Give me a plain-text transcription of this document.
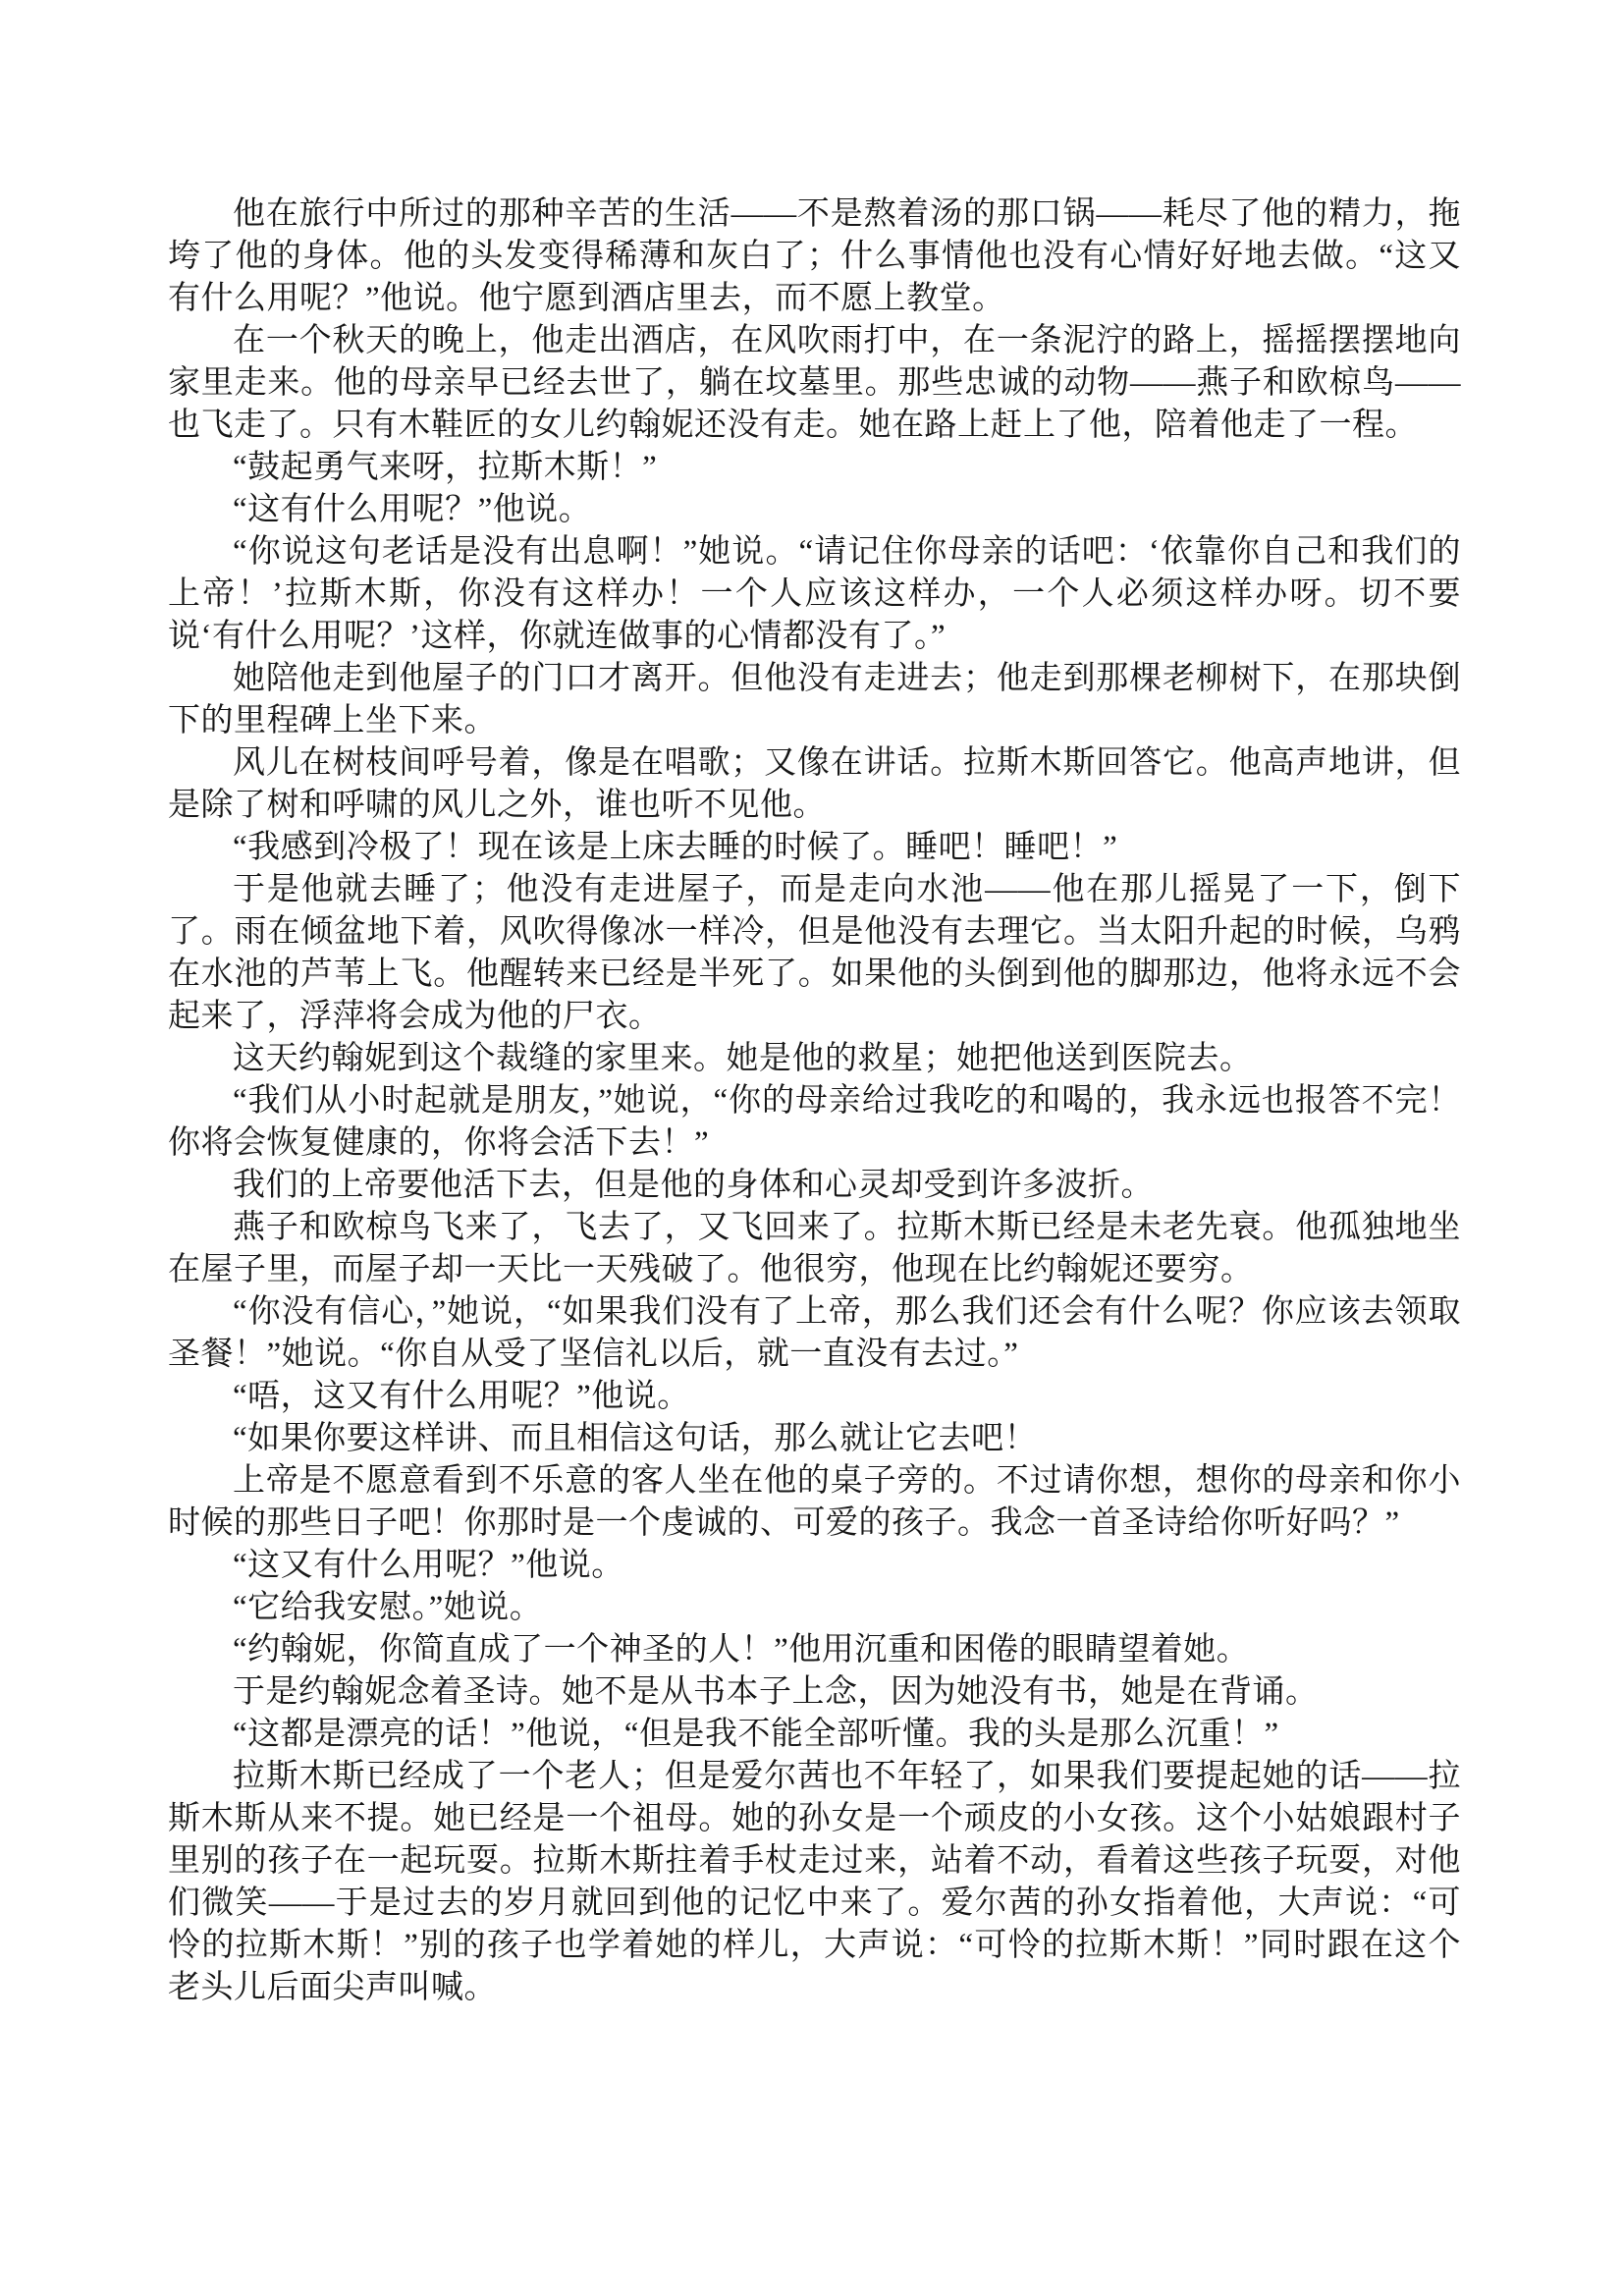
他在旅行中所过的那种辛苦的生活——不是熬着汤的那口锅——耗尽了他的精力，拖垮了他的身体。他的头发变得稀薄和灰白了；什么事情他也没有心情好好地去做。“这又有什么用呢？”他说。他宁愿到酒店里去，而不愿上教堂。

在一个秋天的晚上，他走出酒店，在风吹雨打中，在一条泥泞的路上，摇摇摆摆地向家里走来。他的母亲早已经去世了，躺在坟墓里。那些忠诚的动物——燕子和欧椋鸟——也飞走了。只有木鞋匠的女儿约翰妮还没有走。她在路上赶上了他，陪着他走了一程。

“鼓起勇气来呀，拉斯木斯！”

“这有什么用呢？”他说。

“你说这句老话是没有出息啊！”她说。“请记住你母亲的话吧：‘依靠你自己和我们的上帝！’拉斯木斯，你没有这样办！一个人应该这样办，一个人必须这样办呀。切不要说‘有什么用呢？’这样，你就连做事的心情都没有了。”

她陪他走到他屋子的门口才离开。但他没有走进去；他走到那棵老柳树下，在那块倒下的里程碑上坐下来。

风儿在树枝间呼号着，像是在唱歌；又像在讲话。拉斯木斯回答它。他高声地讲，但是除了树和呼啸的风儿之外，谁也听不见他。

“我感到冷极了！现在该是上床去睡的时候了。睡吧！睡吧！”

于是他就去睡了；他没有走进屋子，而是走向水池——他在那儿摇晃了一下，倒下了。雨在倾盆地下着，风吹得像冰一样冷，但是他没有去理它。当太阳升起的时候，乌鸦在水池的芦苇上飞。他醒转来已经是半死了。如果他的头倒到他的脚那边，他将永远不会起来了，浮萍将会成为他的尸衣。

这天约翰妮到这个裁缝的家里来。她是他的救星；她把他送到医院去。

“我们从小时起就是朋友，”她说，“你的母亲给过我吃的和喝的，我永远也报答不完！你将会恢复健康的，你将会活下去！”

我们的上帝要他活下去，但是他的身体和心灵却受到许多波折。

燕子和欧椋鸟飞来了，飞去了，又飞回来了。拉斯木斯已经是未老先衰。他孤独地坐在屋子里，而屋子却一天比一天残破了。他很穷，他现在比约翰妮还要穷。

“你没有信心，”她说，“如果我们没有了上帝，那么我们还会有什么呢？你应该去领取圣餐！”她说。“你自从受了坚信礼以后，就一直没有去过。”

“唔，这又有什么用呢？”他说。

“如果你要这样讲、而且相信这句话，那么就让它去吧！

上帝是不愿意看到不乐意的客人坐在他的桌子旁的。不过请你想，想你的母亲和你小时候的那些日子吧！你那时是一个虔诚的、可爱的孩子。我念一首圣诗给你听好吗？”

“这又有什么用呢？”他说。

“它给我安慰。”她说。

“约翰妮，你简直成了一个神圣的人！”他用沉重和困倦的眼睛望着她。

于是约翰妮念着圣诗。她不是从书本子上念，因为她没有书，她是在背诵。

“这都是漂亮的话！”他说，“但是我不能全部听懂。我的头是那么沉重！”

拉斯木斯已经成了一个老人；但是爱尔茜也不年轻了，如果我们要提起她的话——拉斯木斯从来不提。她已经是一个祖母。她的孙女是一个顽皮的小女孩。这个小姑娘跟村子里别的孩子在一起玩耍。拉斯木斯拄着手杖走过来，站着不动，看着这些孩子玩耍，对他们微笑——于是过去的岁月就回到他的记忆中来了。爱尔茜的孙女指着他，大声说：“可怜的拉斯木斯！”别的孩子也学着她的样儿，大声说：“可怜的拉斯木斯！”同时跟在这个老头儿后面尖声叫喊。
